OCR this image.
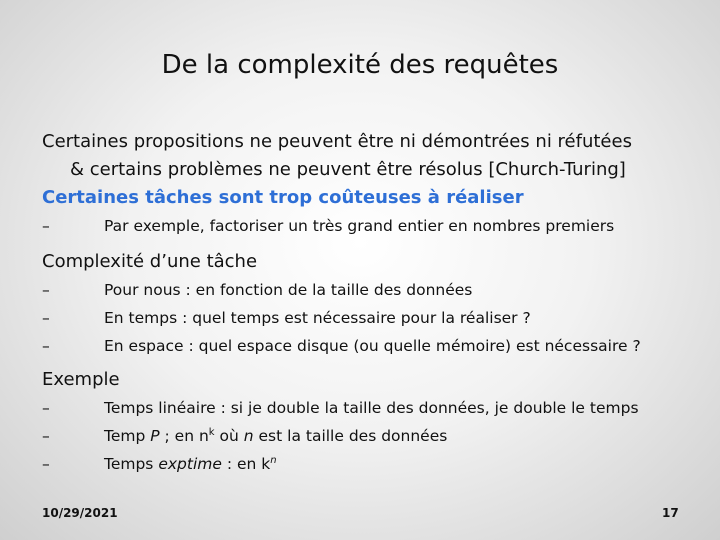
De la complexité des requêtes
Certaines propositions ne peuvent être ni démontrées ni réfutées
& certains problèmes ne peuvent être résolus [Church-Turing]
Certaines tâches sont trop coûteuses à réaliser
–	Par exemple, factoriser un très grand entier en nombres premiers
Complexité d’une tâche
–	Pour nous : en fonction de la taille des données
–	En temps : quel temps est nécessaire pour la réaliser ?
–	En espace : quel espace disque (ou quelle mémoire) est nécessaire ?
Exemple
–	Temps linéaire : si je double la taille des données, je double le temps
–	Temp P ; en $n^k$ où n est la taille des données
–	Temps exptime : en $k^n$
10/29/2021	17
